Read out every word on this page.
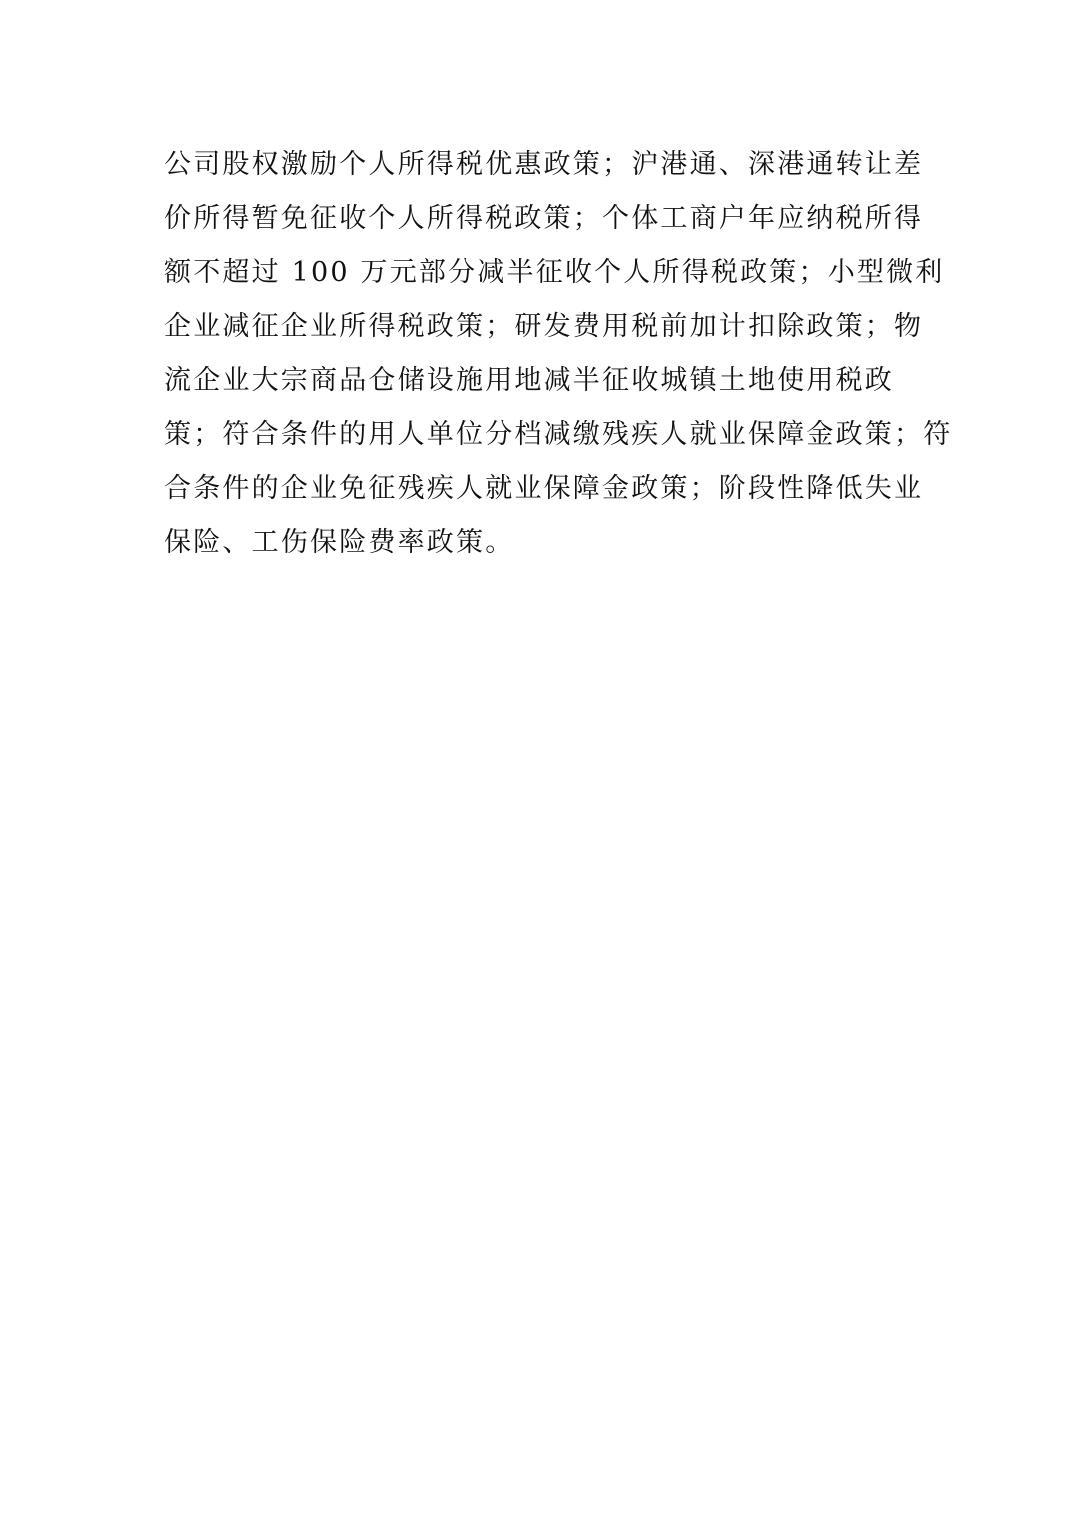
公司股权激励个人所得税优惠政策；沪港通、深港通转让差
价所得暂免征收个人所得税政策；个体工商户年应纳税所得
额不超过 100 万元部分减半征收个人所得税政策；小型微利
企业减征企业所得税政策；研发费用税前加计扣除政策；物
流企业大宗商品仓储设施用地减半征收城镇土地使用税政
策；符合条件的用人单位分档减缴残疾人就业保障金政策；符
合条件的企业免征残疾人就业保障金政策；阶段性降低失业
保险、工伤保险费率政策。
